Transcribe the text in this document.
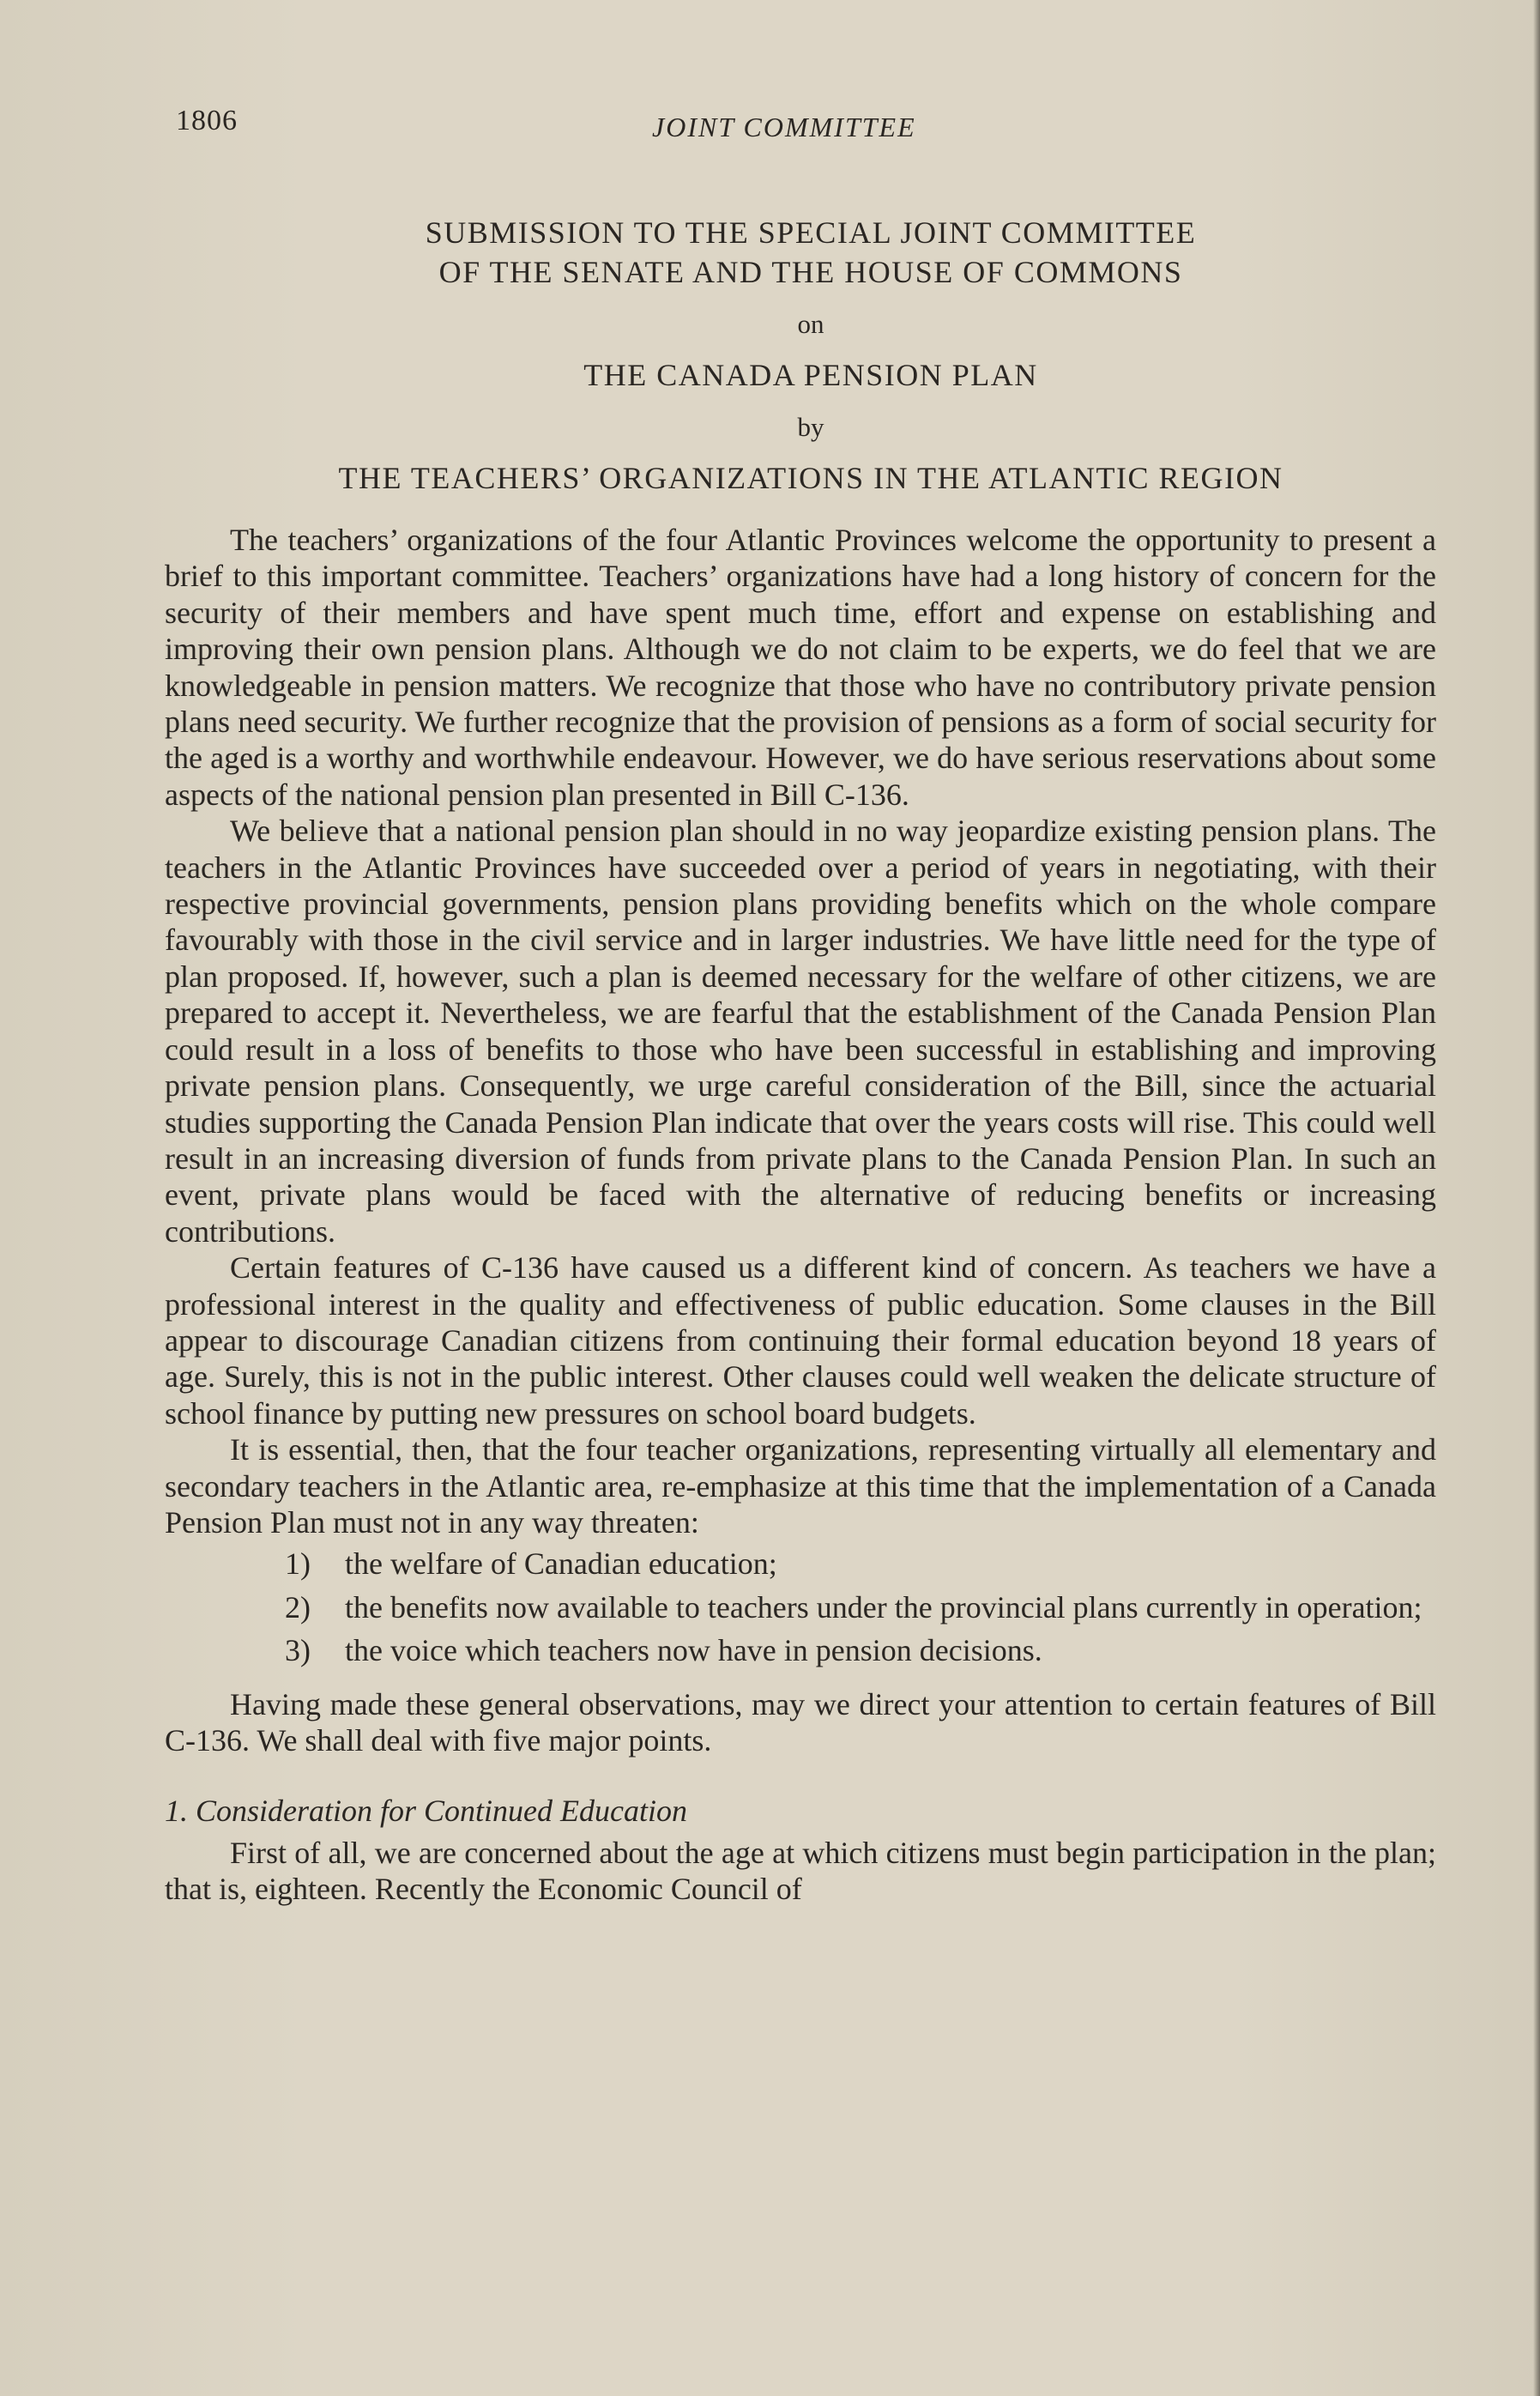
1806	JOINT COMMITTEE

SUBMISSION TO THE SPECIAL JOINT COMMITTEE

OF THE SENATE AND THE HOUSE OF COMMONS

on

THE CANADA PENSION PLAN

by

THE TEACHERS’ ORGANIZATIONS IN THE ATLANTIC REGION

The teachers’ organizations of the four Atlantic Provinces welcome the opportunity to present a brief to this important committee. Teachers’ organizations have had a long history of concern for the security of their members and have spent much time, effort and expense on establishing and improving their own pension plans. Although we do not claim to be experts, we do feel that we are knowledgeable in pension matters. We recognize that those who have no contributory private pension plans need security. We further recognize that the provision of pensions as a form of social security for the aged is a worthy and worthwhile endeavour. However, we do have serious reservations about some aspects of the national pension plan presented in Bill C-136.

We believe that a national pension plan should in no way jeopardize existing pension plans. The teachers in the Atlantic Provinces have succeeded over a period of years in negotiating, with their respective provincial governments, pension plans providing benefits which on the whole compare favourably with those in the civil service and in larger industries. We have little need for the type of plan proposed. If, however, such a plan is deemed necessary for the welfare of other citizens, we are prepared to accept it. Nevertheless, we are fearful that the establishment of the Canada Pension Plan could result in a loss of benefits to those who have been successful in establishing and improving private pension plans. Consequently, we urge careful consideration of the Bill, since the actuarial studies supporting the Canada Pension Plan indicate that over the years costs will rise. This could well result in an increasing diversion of funds from private plans to the Canada Pension Plan. In such an event, private plans would be faced with the alternative of reducing benefits or increasing contributions.

Certain features of C-136 have caused us a different kind of concern. As teachers we have a professional interest in the quality and effectiveness of public education. Some clauses in the Bill appear to discourage Canadian citizens from continuing their formal education beyond 18 years of age. Surely, this is not in the public interest. Other clauses could well weaken the delicate structure of school finance by putting new pressures on school board budgets.

It is essential, then, that the four teacher organizations, representing virtually all elementary and secondary teachers in the Atlantic area, re-emphasize at this time that the implementation of a Canada Pension Plan must not in any way threaten:

1)	the welfare of Canadian education;
2)	the benefits now available to teachers under the provincial plans currently in operation;
3)	the voice which teachers now have in pension decisions.

Having made these general observations, may we direct your attention to certain features of Bill C-136. We shall deal with five major points.

1. Consideration for Continued Education

First of all, we are concerned about the age at which citizens must begin participation in the plan; that is, eighteen. Recently the Economic Council of
